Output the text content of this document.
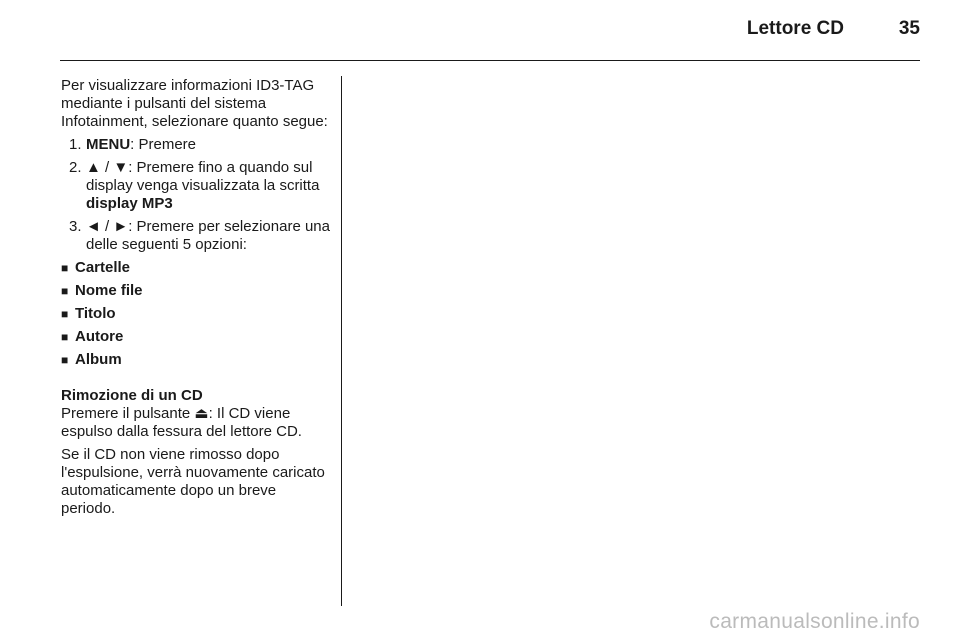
Lettore CD	35

Per visualizzare informazioni ID3-TAG mediante i pulsanti del sistema Infotainment, selezionare quanto segue:

1. MENU: Premere
2. ▲ / ▼: Premere fino a quando sul display venga visualizzata la scritta display MP3
3. ◄ / ►: Premere per selezionare una delle seguenti 5 opzioni:
■ Cartelle
■ Nome file
■ Titolo
■ Autore
■ Album

Rimozione di un CD

Premere il pulsante ⏏: Il CD viene espulso dalla fessura del lettore CD.

Se il CD non viene rimosso dopo l'espulsione, verrà nuovamente caricato automaticamente dopo un breve periodo.

carmanualsonline.info
